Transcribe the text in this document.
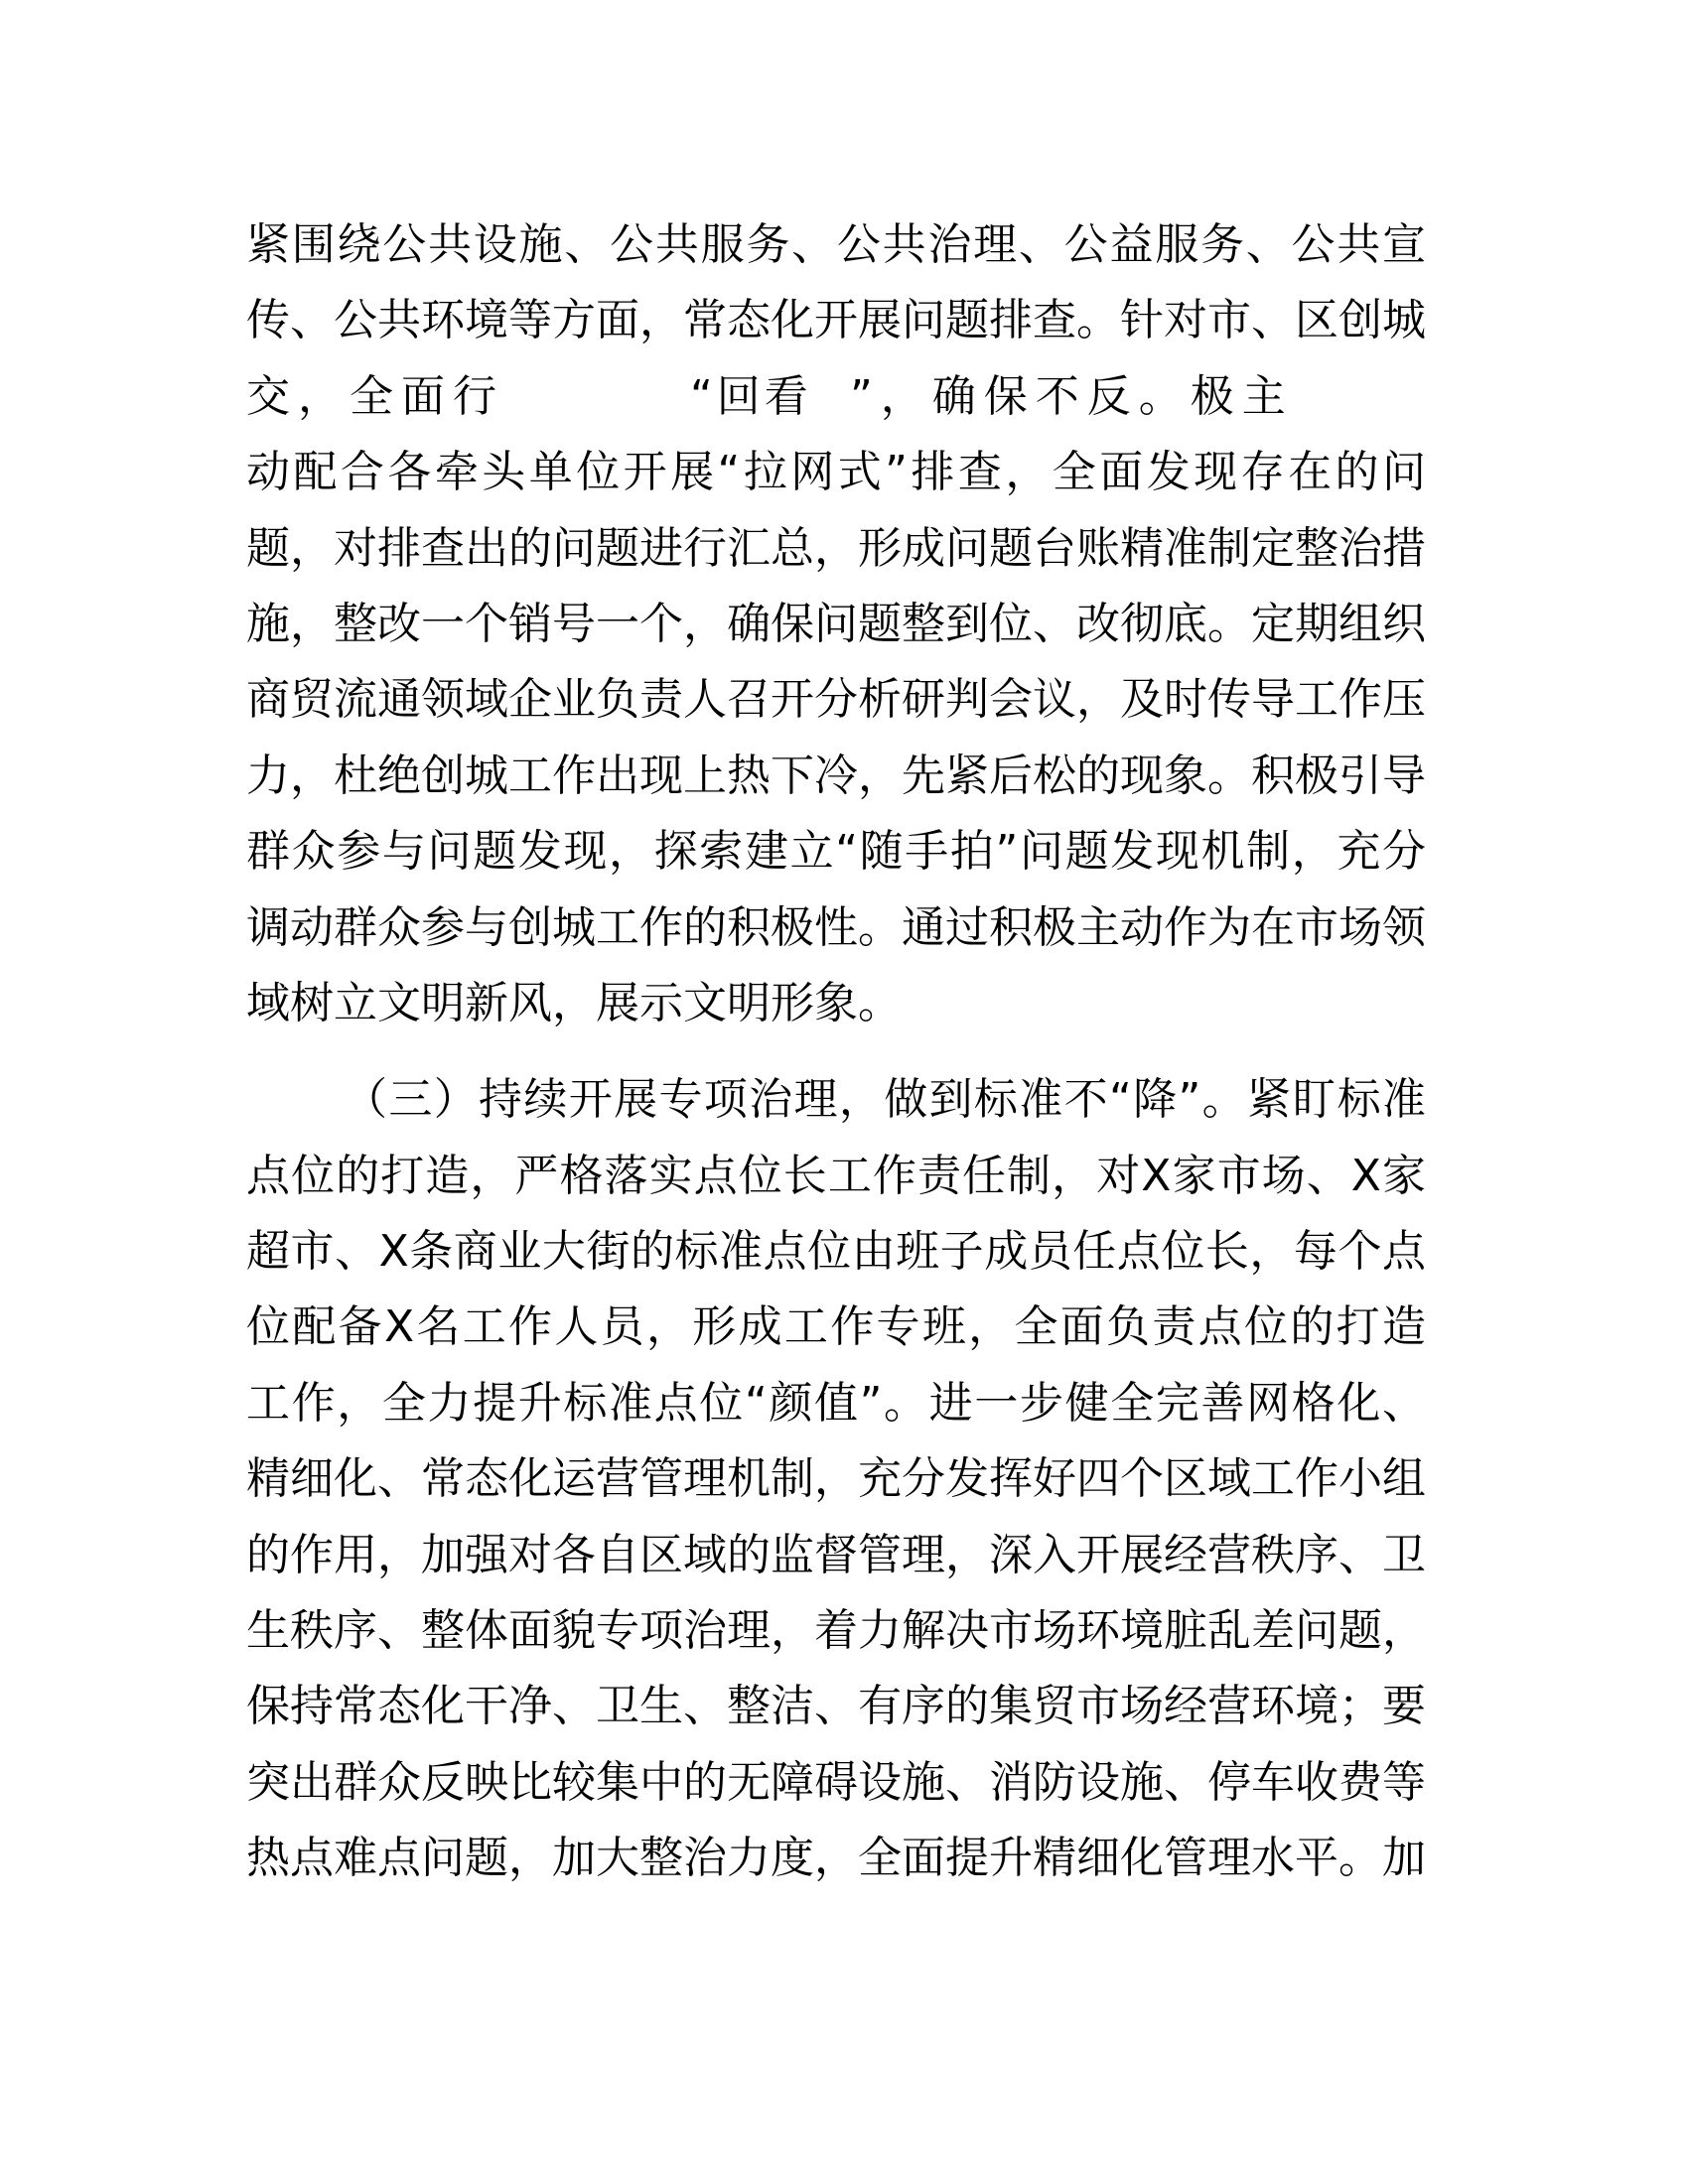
紧围绕公共设施、公共服务、公共治理、公益服务、公共宣
传、公共环境等方面，常态化开展问题排查。针对市、区创城
交，全面行	“回看 ”，确保不反。极主
动配合各牵头单位开展“拉网式”排查，全面发现存在的问
题，对排查出的问题进行汇总，形成问题台账精准制定整治措
施，整改一个销号一个，确保问题整到位、改彻底。定期组织
商贸流通领域企业负责人召开分析研判会议，及时传导工作压
力，杜绝创城工作出现上热下冷，先紧后松的现象。积极引导
群众参与问题发现，探索建立“随手拍”问题发现机制，充分
调动群众参与创城工作的积极性。通过积极主动作为在市场领
域树立文明新风，展示文明形象。
（三）持续开展专项治理，做到标准不“降”。紧盯标准
点位的打造，严格落实点位长工作责任制，对X家市场、X家
超市、X条商业大街的标准点位由班子成员任点位长，每个点
位配备X名工作人员，形成工作专班，全面负责点位的打造
工作，全力提升标准点位“颜值”。进一步健全完善网格化、
精细化、常态化运营管理机制，充分发挥好四个区域工作小组
的作用，加强对各自区域的监督管理，深入开展经营秩序、卫
生秩序、整体面貌专项治理，着力解决市场环境脏乱差问题，
保持常态化干净、卫生、整洁、有序的集贸市场经营环境；要
突出群众反映比较集中的无障碍设施、消防设施、停车收费等
热点难点问题，加大整治力度，全面提升精细化管理水平。加
